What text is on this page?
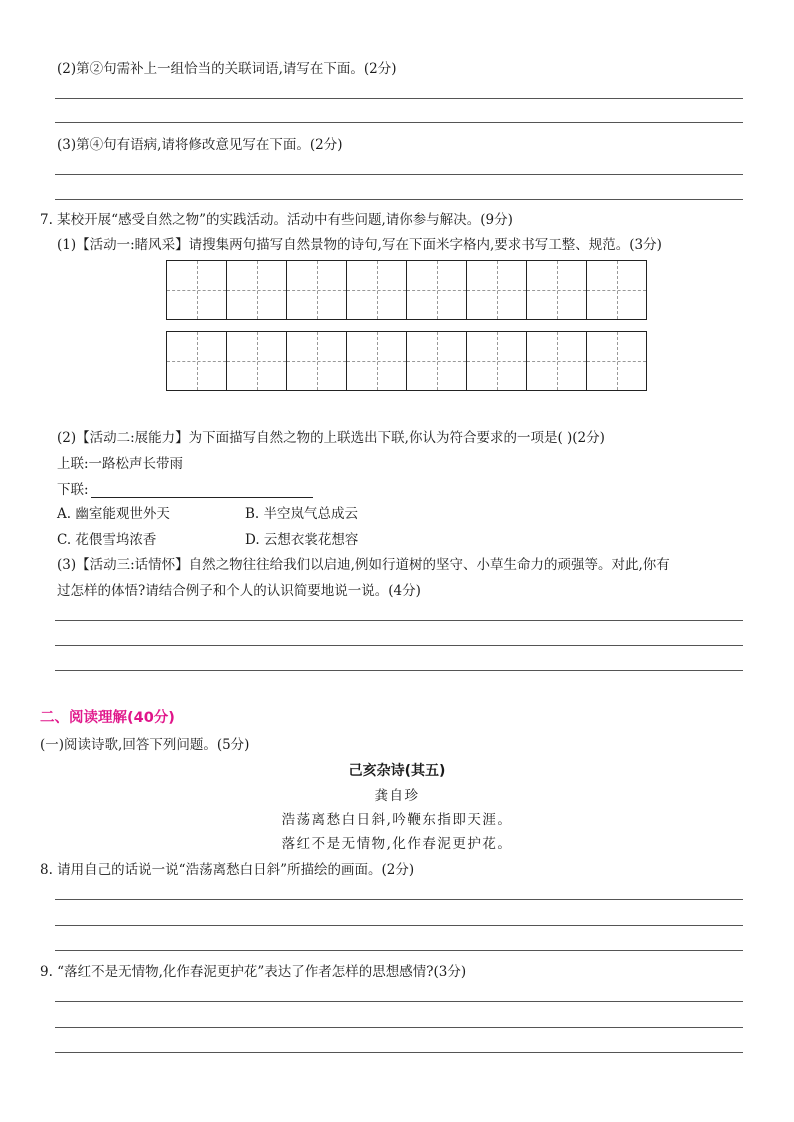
(2)第②句需补上一组恰当的关联词语,请写在下面。(2分)
(3)第④句有语病,请将修改意见写在下面。(2分)
7. 某校开展“感受自然之物”的实践活动。活动中有些问题,请你参与解决。(9分)
(1)【活动一:睹风采】请搜集两句描写自然景物的诗句,写在下面米字格内,要求书写工整、规范。(3分)
(2)【活动二:展能力】为下面描写自然之物的上联选出下联,你认为符合要求的一项是( )(2分)
上联:一路松声长带雨
下联:
A. 幽室能观世外天	B. 半空岚气总成云
C. 花偎雪坞浓香	D. 云想衣裳花想容
(3)【活动三:话情怀】自然之物往往给我们以启迪,例如行道树的坚守、小草生命力的顽强等。对此,你有
过怎样的体悟?请结合例子和个人的认识简要地说一说。(4分)
二、阅读理解(40分)
(一)阅读诗歌,回答下列问题。(5分)
己亥杂诗(其五)
龚自珍
浩荡离愁白日斜,吟鞭东指即天涯。
落红不是无情物,化作春泥更护花。
8. 请用自己的话说一说“浩荡离愁白日斜”所描绘的画面。(2分)
9. “落红不是无情物,化作春泥更护花”表达了作者怎样的思想感情?(3分)
